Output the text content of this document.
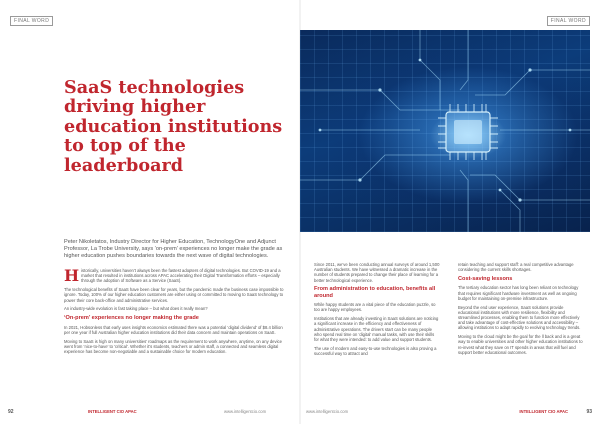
FINAL WORD
SaaS technologies driving higher education institutions to top of the leaderboard

Peter Nikoletatos, Industry Director for Higher Education, TechnologyOne and Adjunct Professor, La Trobe University, says ‘on-prem’ experiences no longer make the grade as higher education pushes boundaries towards the next wave of digital technologies.

Historically, universities haven’t always been the fastest adopters of digital technologies. But COVID-19 and a market that resulted in institutions across APAC accelerating their Digital Transformation efforts – especially through the adoption of Software as a Service (SaaS).

The technological benefits of SaaS have been clear for years, but the pandemic made the business case impossible to ignore. Today, 100% of our higher education customers are either using or committed to moving to SaaS technology to power their core back-office and administrative services.

An industry-wide evolution is fast taking place – but what does it really mean?

‘On-prem’ experiences no longer making the grade

In 2021, Hobsonless that early uses insights economics estimated there was a potential ‘digital dividend’ of $8.4 billion per one year if full Australian higher education institutions did their data concern and maintain operations on SaaS.

Moving to SaaS is high on many universities’ roadmaps as the requirement to work anywhere, anytime, on any device went from ‘nice-to-have’ to ‘critical’. Whether it’s students, teachers or admin staff, a connected and seamless digital experience has become non-negotiable and a sustainable choice for modern education.

92	INTELLIGENT CIO APAC	www.intelligentcio.com
FINAL WORD

Since 2011, we’ve been conducting annual surveys of around 1,500 Australian students. We have witnessed a dramatic increase in the number of students prepared to change their place of learning for a better technological experience.

From administration to education, benefits all around

While happy students are a vital piece of the education puzzle, so too are happy employees.

Institutions that are already investing in SaaS solutions are noticing a significant increase in the efficiency and effectiveness of administrative operations. The drivers start can be many people who spend real time on ‘digital’ manual tasks, with use their skills for what they were intended: to add value and support students.

The use of modern and easy-to-use technologies is also proving a successful way to attract and

retain teaching and support staff: a real competitive advantage considering the current skills shortages.

Cost-saving lessons

The tertiary education sector has long been reliant on technology that requires significant hardware investment as well as ongoing budget for maintaining on-premise infrastructure.

Beyond the end user experience, SaaS solutions provide educational institutions with more resilience, flexibility and streamlined processes, enabling them to function more effectively and take advantage of cost-effective solutions and accessibility – allowing institutions to adapt rapidly to evolving technology trends.

Moving to the cloud might be the goal for the ll back and is a great way to enable universities and other higher education institutions to re-invest what they save on IT spends in areas that will fuel and support better educational outcomes.

www.intelligentcio.com	INTELLIGENT CIO APAC	93
